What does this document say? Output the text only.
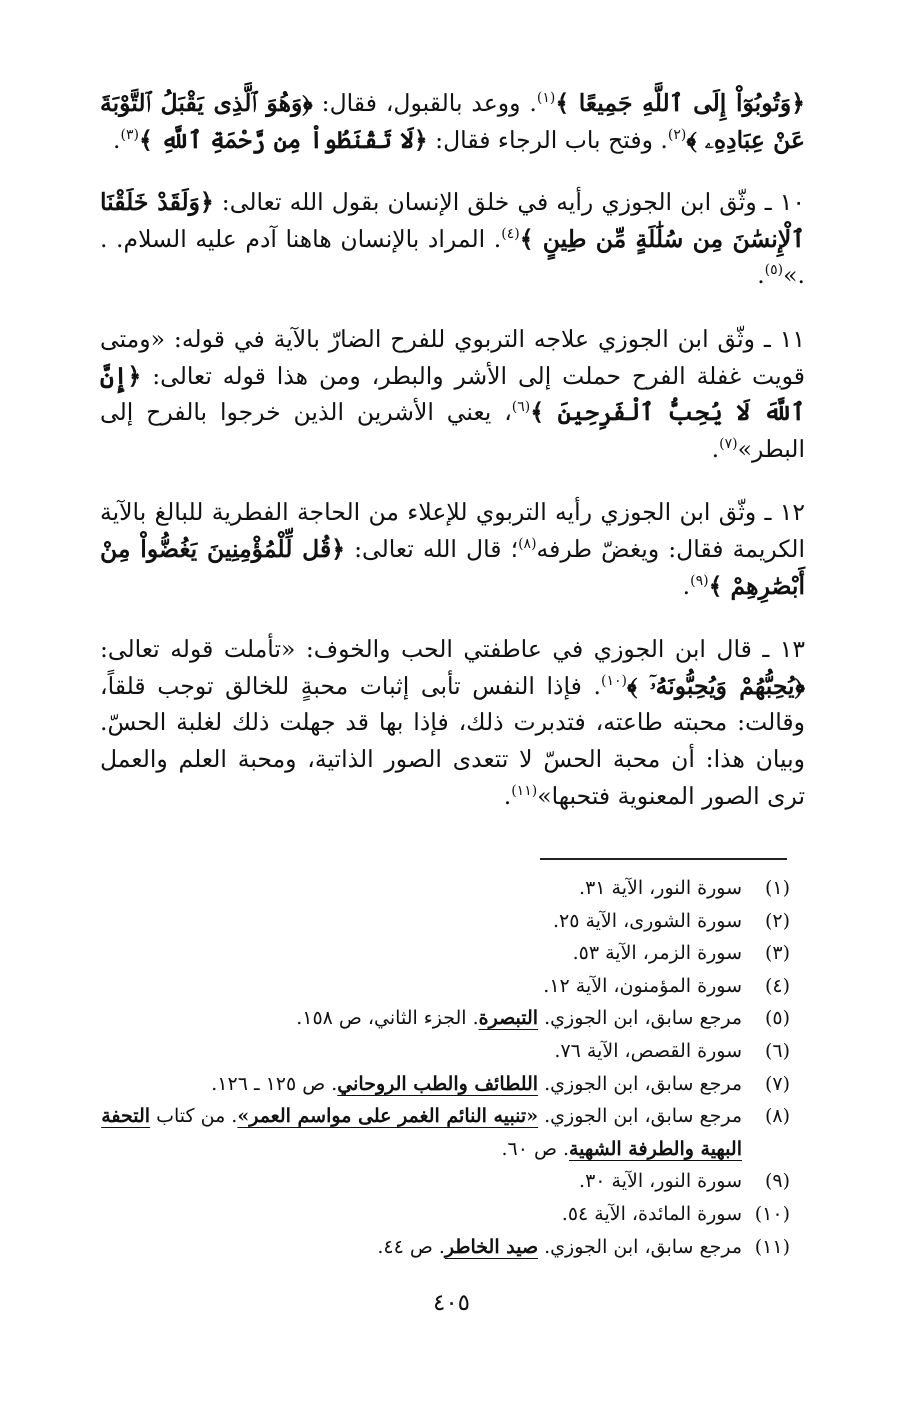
﴿وَتُوبُوٓاْ إِلَى ٱللَّهِ جَمِيعًا ﴾$^{(١)}$. ووعد بالقبول، فقال: ﴿وَهُوَ ٱلَّذِى يَقْبَلُ ٱلتَّوْبَةَ عَنْ عِبَادِهِۦ ﴾$^{(٢)}$. وفتح باب الرجاء فقال: ﴿لَا تَقْنَطُواْ مِن رَّحْمَةِ ٱللَّهِ ﴾$^{(٣)}$.

١٠ ـ وثّق ابن الجوزي رأيه في خلق الإنسان بقول الله تعالى: ﴿وَلَقَدْ خَلَقْنَا ٱلْإِنسَٰنَ مِن سُلَٰلَةٍ مِّن طِينٍ ﴾$^{(٤)}$. المراد بالإنسان هاهنا آدم عليه السلام. . .»$^{(٥)}$.

١١ ـ وثّق ابن الجوزي علاجه التربوي للفرح الضارّ بالآية في قوله: «ومتى قويت غفلة الفرح حملت إلى الأشر والبطر، ومن هذا قوله تعالى: ﴿إِنَّ ٱللَّهَ لَا يُحِبُّ ٱلْفَرِحِينَ ﴾$^{(٦)}$، يعني الأشرين الذين خرجوا بالفرح إلى البطر»$^{(٧)}$.

١٢ ـ وثّق ابن الجوزي رأيه التربوي للإعلاء من الحاجة الفطرية للبالغ بالآية الكريمة فقال: ويغضّ طرفه$^{(٨)}$؛ قال الله تعالى: ﴿قُل لِّلْمُؤْمِنِينَ يَغُضُّواْ مِنْ أَبْصَٰرِهِمْ ﴾$^{(٩)}$.

١٣ ـ قال ابن الجوزي في عاطفتي الحب والخوف: «تأملت قوله تعالى: ﴿يُحِبُّهُمْ وَيُحِبُّونَهُۥٓ ﴾$^{(١٠)}$. فإذا النفس تأبى إثبات محبةٍ للخالق توجب قلقاً، وقالت: محبته طاعته، فتدبرت ذلك، فإذا بها قد جهلت ذلك لغلبة الحسّ. وبيان هذا: أن محبة الحسّ لا تتعدى الصور الذاتية، ومحبة العلم والعمل ترى الصور المعنوية فتحبها»$^{(١١)}$.

(١)
سورة النور، الآية ٣١.
(٢)
سورة الشورى، الآية ٢٥.
(٣)
سورة الزمر، الآية ٥٣.
(٤)
سورة المؤمنون، الآية ١٢.
(٥)
مرجع سابق، ابن الجوزي. التبصرة. الجزء الثاني، ص ١٥٨.
(٦)
سورة القصص، الآية ٧٦.
(٧)
مرجع سابق، ابن الجوزي. اللطائف والطب الروحاني. ص ١٢٥ ـ ١٢٦.
(٨)
مرجع سابق، ابن الجوزي. «تنبيه النائم الغمر على مواسم العمر». من كتاب التحفة البهية والطرفة الشهية. ص ٦٠.
(٩)
سورة النور، الآية ٣٠.
(١٠)
سورة المائدة، الآية ٥٤.
(١١)
مرجع سابق، ابن الجوزي. صيد الخاطر. ص ٤٤.
٤٠٥
